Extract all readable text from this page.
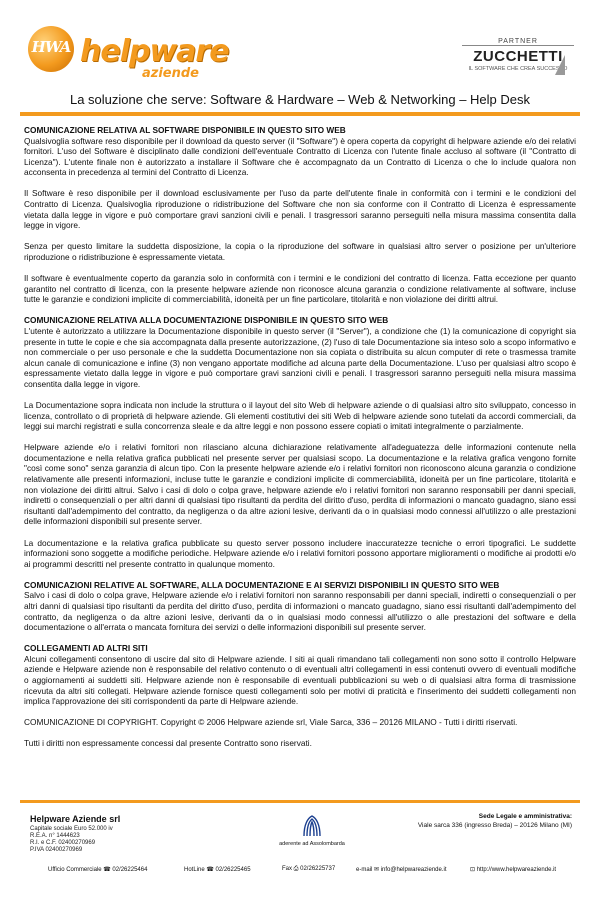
HWA helpware
aziende
PARTNER
ZUCCHETTI
IL SOFTWARE CHE CREA SUCCESSO
La soluzione che serve: Software & Hardware – Web & Networking – Help Desk
COMUNICAZIONE RELATIVA AL SOFTWARE DISPONIBILE IN QUESTO SITO WEB
Qualsivoglia software reso disponibile per il download da questo server (il "Software") è opera coperta da copyright di helpware aziende e/o dei relativi fornitori. L'uso del Software è disciplinato dalle condizioni dell'eventuale Contratto di Licenza con l'utente finale accluso al software (il "Contratto di Licenza"). L'utente finale non è autorizzato a installare il Software che è accompagnato da un Contratto di Licenza o che lo include qualora non acconsenta in precedenza al termini del Contratto di Licenza.

Il Software è reso disponibile per il download esclusivamente per l'uso da parte dell'utente finale in conformità con i termini e le condizioni del Contratto di Licenza. Qualsivoglia riproduzione o ridistribuzione del Software che non sia conforme con il Contratto di Licenza è espressamente vietata dalla legge in vigore e può comportare gravi sanzioni civili e penali. I trasgressori saranno perseguiti nella misura massima consentita dalla legge in vigore.

Senza per questo limitare la suddetta disposizione, la copia o la riproduzione del software in qualsiasi altro server o posizione per un'ulteriore riproduzione o ridistribuzione è espressamente vietata.

Il software è eventualmente coperto da garanzia solo in conformità con i termini e le condizioni del contratto di licenza. Fatta eccezione per quanto garantito nel contratto di licenza, con la presente helpware aziende non riconosce alcuna garanzia o condizione relativamente al software, incluse tutte le garanzie e condizioni implicite di commerciabilità, idoneità per un fine particolare, titolarità e non violazione dei diritti altrui.

COMUNICAZIONE RELATIVA ALLA DOCUMENTAZIONE DISPONIBILE IN QUESTO SITO WEB
L'utente è autorizzato a utilizzare la Documentazione disponibile in questo server (il "Server"), a condizione che (1) la comunicazione di copyright sia presente in tutte le copie e che sia accompagnata dalla presente autorizzazione, (2) l'uso di tale Documentazione sia inteso solo a scopo informativo e non commerciale o per uso personale e che la suddetta Documentazione non sia copiata o distribuita su alcun computer di rete o trasmessa tramite alcun canale di comunicazione e infine (3) non vengano apportate modifiche ad alcuna parte della Documentazione. L'uso per qualsiasi altro scopo è espressamente vietato dalla legge in vigore e può comportare gravi sanzioni civili e penali. I trasgressori saranno perseguiti nella misura massima consentita dalla legge in vigore.

La Documentazione sopra indicata non include la struttura o il layout del sito Web di helpware aziende o di qualsiasi altro sito sviluppato, concesso in licenza, controllato o di proprietà di helpware aziende. Gli elementi costitutivi dei siti Web di helpware aziende sono tutelati da accordi commerciali, da leggi sui marchi registrati e sulla concorrenza sleale e da altre leggi e non possono essere copiati o imitati integralmente o parzialmente.

Helpware aziende e/o i relativi fornitori non rilasciano alcuna dichiarazione relativamente all'adeguatezza delle informazioni contenute nella documentazione e nella relativa grafica pubblicati nel presente server per qualsiasi scopo. La documentazione e la relativa grafica vengono fornite "così come sono" senza garanzia di alcun tipo. Con la presente helpware aziende e/o i relativi fornitori non riconoscono alcuna garanzia o condizione relativamente alle presenti informazioni, incluse tutte le garanzie e condizioni implicite di commerciabilità, idoneità per un fine particolare, titolarità e non violazione dei diritti altrui. Salvo i casi di dolo o colpa grave, helpware aziende e/o i relativi fornitori non saranno responsabili per danni speciali, indiretti o consequenziali o per altri danni di qualsiasi tipo risultanti da perdita del diritto d'uso, perdita di informazioni o mancato guadagno, siano essi risultanti dall'adempimento del contratto, da negligenza o da altre azioni lesive, derivanti da o in qualsiasi modo connessi all'utilizzo o alle prestazioni delle informazioni disponibili sul presente server.

La documentazione e la relativa grafica pubblicate su questo server possono includere inaccuratezze tecniche o errori tipografici. Le suddette informazioni sono soggette a modifiche periodiche. Helpware aziende e/o i relativi fornitori possono apportare miglioramenti o modifiche ai prodotti e/o ai programmi descritti nel presente contratto in qualunque momento.

COMUNICAZIONI RELATIVE AL SOFTWARE, ALLA DOCUMENTAZIONE E AI SERVIZI DISPONIBILI IN QUESTO SITO WEB
Salvo i casi di dolo o colpa grave, Helpware aziende e/o i relativi fornitori non saranno responsabili per danni speciali, indiretti o consequenziali o per altri danni di qualsiasi tipo risultanti da perdita del diritto d'uso, perdita di informazioni o mancato guadagno, siano essi risultanti dall'adempimento del contratto, da negligenza o da altre azioni lesive, derivanti da o in qualsiasi modo connessi all'utilizzo o alle prestazioni del software e della documentazione o all'errata o mancata fornitura dei servizi o delle informazioni disponibili sul presente server.
COLLEGAMENTI AD ALTRI SITI
Alcuni collegamenti consentono di uscire dal sito di Helpware aziende. I siti ai quali rimandano tali collegamenti non sono sotto il controllo Helpware aziende e Helpware aziende non è responsabile del relativo contenuto o di eventuali altri collegamenti in essi contenuti ovvero di eventuali modifiche o aggiornamenti ai suddetti siti. Helpware aziende non è responsabile di eventuali pubblicazioni su web o di qualsiasi altra forma di trasmissione ricevuta da altri siti collegati. Helpware aziende fornisce questi collegamenti solo per motivi di praticità e l'inserimento dei suddetti collegamenti non implica l'approvazione dei siti corrispondenti da parte di Helpware aziende.

COMUNICAZIONE DI COPYRIGHT. Copyright © 2006 Helpware aziende srl, Viale Sarca, 336 – 20126 MILANO - Tutti i diritti riservati.

Tutti i diritti non espressamente concessi dal presente Contratto sono riservati.

Helpware Aziende srl
Capitale sociale Euro 52.000 iv
R.E.A. n° 1444623
R.I. e C.F. 02400270969
P.IVA 02400270969
aderente ad Assolombarda
Sede Legale e amministrativa:
Viale sarca 336 (ingresso Breda) – 20126 Milano (MI)
Ufficio Commerciale ☎ 02/26225464	HotLine ☎ 02/26225465	Fax ⎙ 02/26225737	e-mail ✉ info@helpwareaziende.it	⊡ http://www.helpwareaziende.it
